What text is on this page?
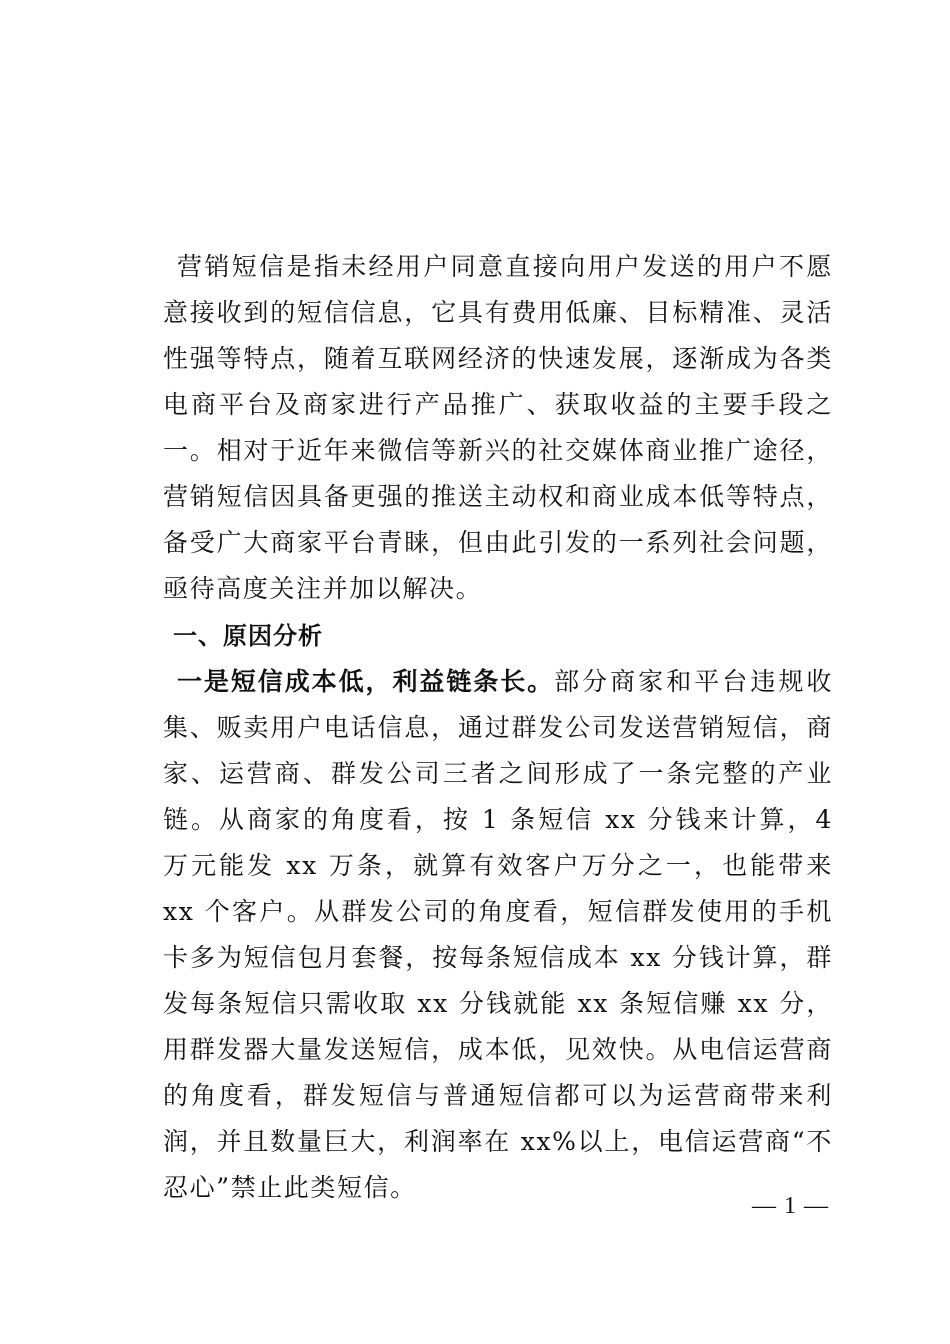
营销短信是指未经用户同意直接向用户发送的用户不愿意接收到的短信信息，它具有费用低廉、目标精准、灵活性强等特点，随着互联网经济的快速发展，逐渐成为各类电商平台及商家进行产品推广、获取收益的主要手段之一。相对于近年来微信等新兴的社交媒体商业推广途径，营销短信因具备更强的推送主动权和商业成本低等特点，备受广大商家平台青睐，但由此引发的一系列社会问题，亟待高度关注并加以解决。

一、原因分析

一是短信成本低，利益链条长。部分商家和平台违规收集、贩卖用户电话信息，通过群发公司发送营销短信，商家、运营商、群发公司三者之间形成了一条完整的产业链。从商家的角度看，按 1 条短信 xx 分钱来计算，4 万元能发 xx 万条，就算有效客户万分之一，也能带来 xx 个客户。从群发公司的角度看，短信群发使用的手机卡多为短信包月套餐，按每条短信成本 xx 分钱计算，群发每条短信只需收取 xx 分钱就能 xx 条短信赚 xx 分，用群发器大量发送短信，成本低，见效快。从电信运营商的角度看，群发短信与普通短信都可以为运营商带来利润，并且数量巨大，利润率在 xx%以上，电信运营商“不忍心”禁止此类短信。

— 1 —
